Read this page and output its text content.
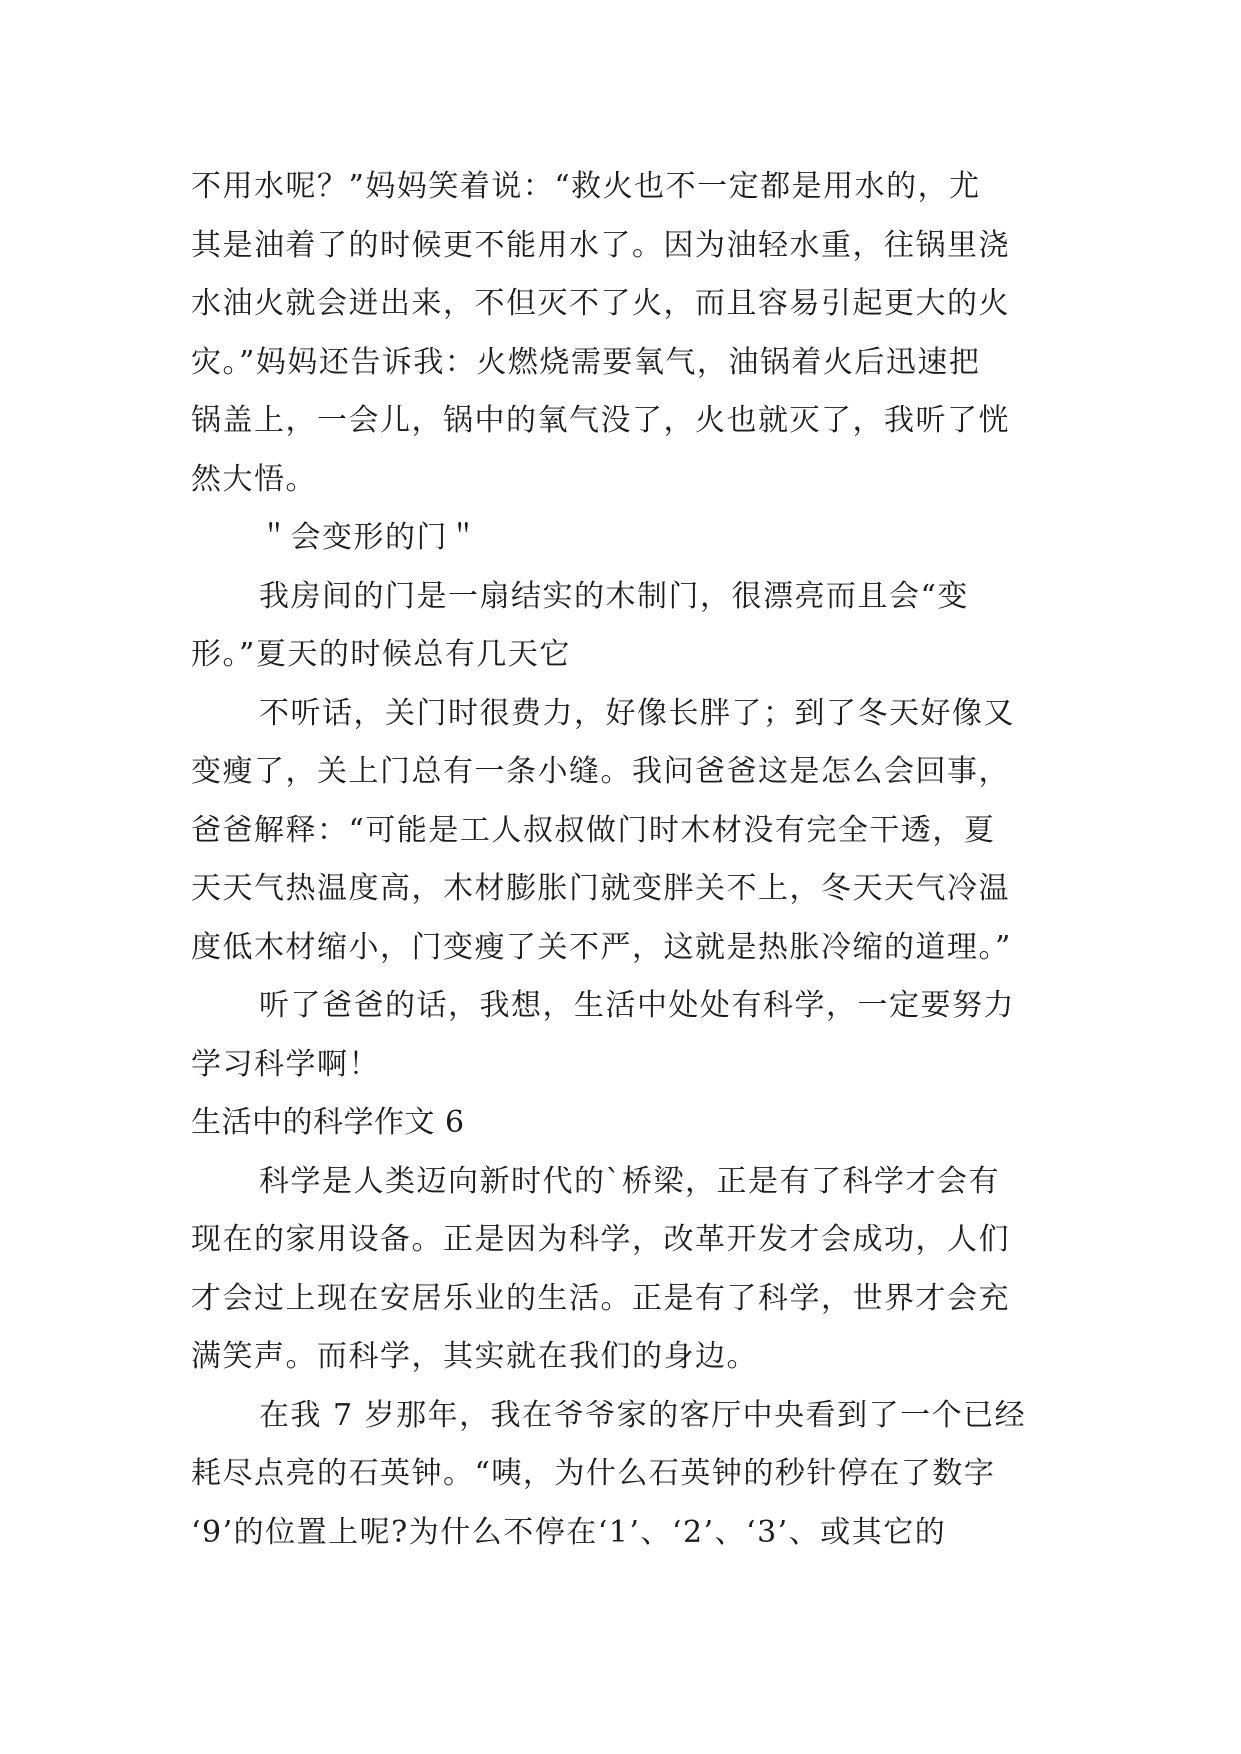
不用水呢？”妈妈笑着说：“救火也不一定都是用水的，尤
其是油着了的时候更不能用水了。因为油轻水重，往锅里浇
水油火就会迸出来，不但灭不了火，而且容易引起更大的火
灾。”妈妈还告诉我：火燃烧需要氧气，油锅着火后迅速把
锅盖上，一会儿，锅中的氧气没了，火也就灭了，我听了恍
然大悟。
＂会变形的门＂
我房间的门是一扇结实的木制门，很漂亮而且会“变
形。”夏天的时候总有几天它
不听话，关门时很费力，好像长胖了；到了冬天好像又
变瘦了，关上门总有一条小缝。我问爸爸这是怎么会回事，
爸爸解释：“可能是工人叔叔做门时木材没有完全干透，夏
天天气热温度高，木材膨胀门就变胖关不上，冬天天气冷温
度低木材缩小，门变瘦了关不严，这就是热胀冷缩的道理。”
听了爸爸的话，我想，生活中处处有科学，一定要努力
学习科学啊！
生活中的科学作文 6
科学是人类迈向新时代的`桥梁，正是有了科学才会有
现在的家用设备。正是因为科学，改革开发才会成功，人们
才会过上现在安居乐业的生活。正是有了科学，世界才会充
满笑声。而科学，其实就在我们的身边。
在我 7 岁那年，我在爷爷家的客厅中央看到了一个已经
耗尽点亮的石英钟。“咦，为什么石英钟的秒针停在了数字
‘9’的位置上呢?为什么不停在‘1’、‘2’、‘3’、或其它的
